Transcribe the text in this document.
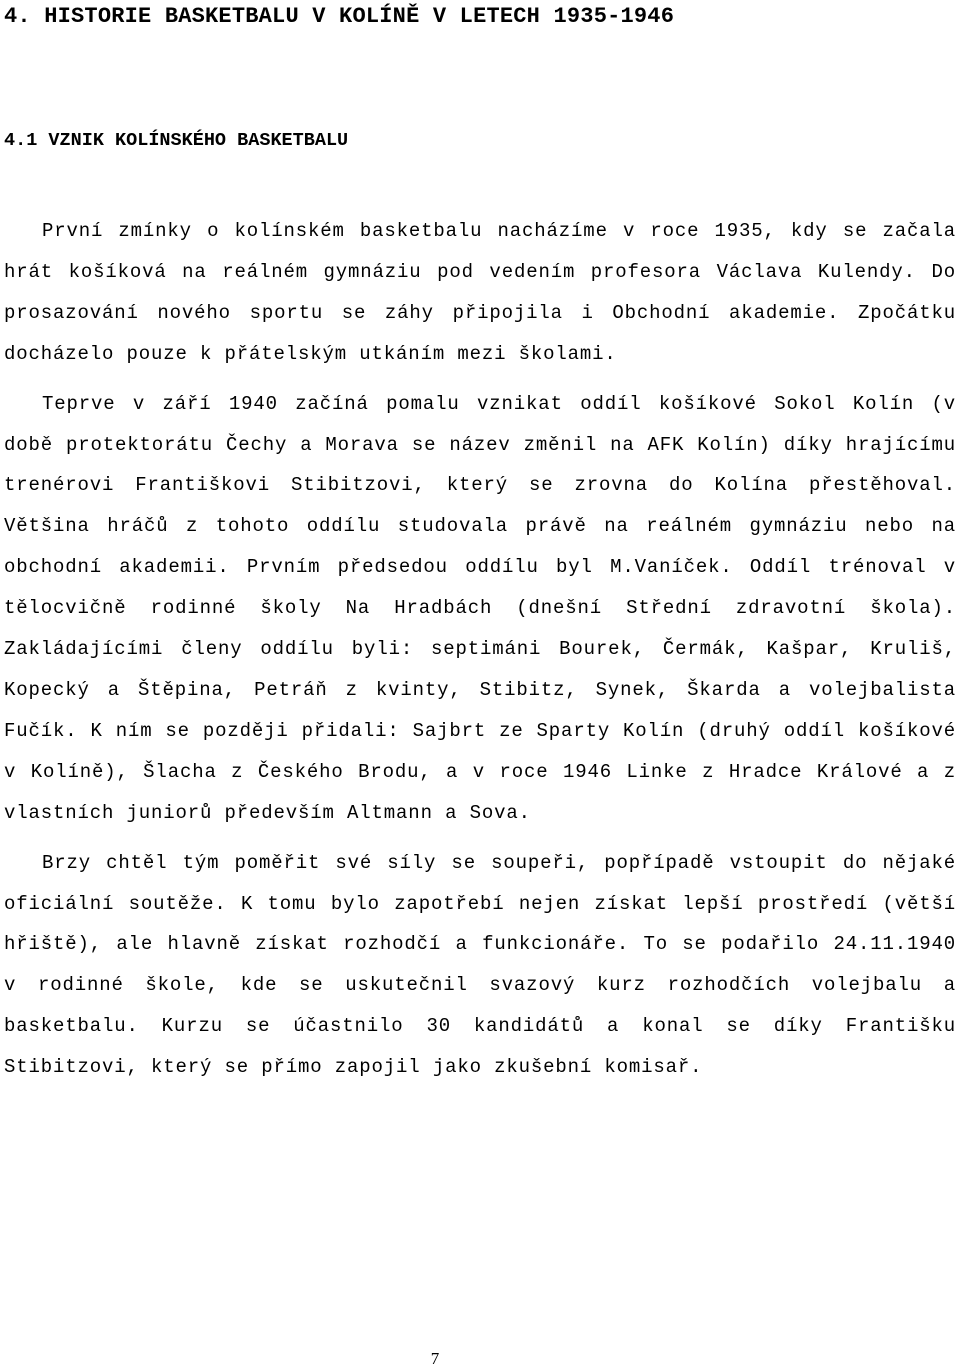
4. HISTORIE BASKETBALU V KOLÍNĚ V LETECH 1935-1946
4.1 VZNIK KOLÍNSKÉHO BASKETBALU

První zmínky o kolínském basketbalu nacházíme v roce 1935, kdy se začala hrát košíková na reálném gymnáziu pod vedením profesora Václava Kulendy. Do prosazování nového sportu se záhy připojila i Obchodní akademie. Zpočátku docházelo pouze k přátelským utkáním mezi školami.

Teprve v září 1940 začíná pomalu vznikat oddíl košíkové Sokol Kolín (v době protektorátu Čechy a Morava se název změnil na AFK Kolín) díky hrajícímu trenérovi Františkovi Stibitzovi, který se zrovna do Kolína přestěhoval. Většina hráčů z tohoto oddílu studovala právě na reálném gymnáziu nebo na obchodní akademii. Prvním předsedou oddílu byl M.Vaníček. Oddíl trénoval v tělocvičně rodinné školy Na Hradbách (dnešní Střední zdravotní škola). Zakládajícími členy oddílu byli: septimáni Bourek, Čermák, Kašpar, Kruliš, Kopecký a Štěpina, Petráň z kvinty, Stibitz, Synek, Škarda a volejbalista Fučík. K ním se později přidali: Sajbrt ze Sparty Kolín (druhý oddíl košíkové v Kolíně), Šlacha z Českého Brodu, a v roce 1946 Linke z Hradce Králové a z vlastních juniorů především Altmann a Sova.

Brzy chtěl tým poměřit své síly se soupeři, popřípadě vstoupit do nějaké oficiální soutěže. K tomu bylo zapotřebí nejen získat lepší prostředí (větší hřiště), ale hlavně získat rozhodčí a funkcionáře. To se podařilo 24.11.1940 v rodinné škole, kde se uskutečnil svazový kurz rozhodčích volejbalu a basketbalu. Kurzu se účastnilo 30 kandidátů a konal se díky Františku Stibitzovi, který se přímo zapojil jako zkušební komisař.

7
